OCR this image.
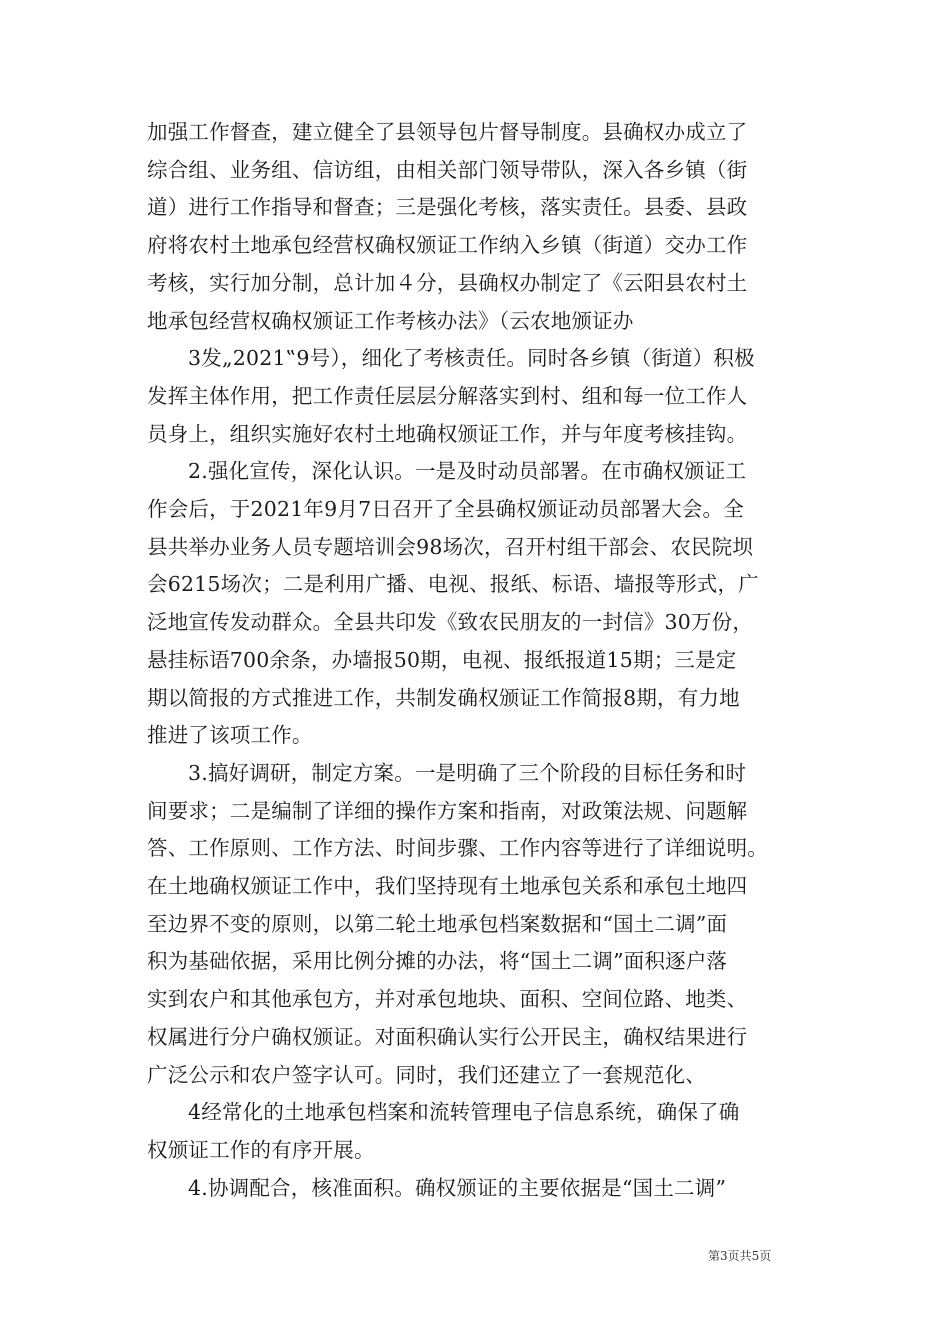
加强工作督查，建立健全了县领导包片督导制度。县确权办成立了
综合组、业务组、信访组，由相关部门领导带队，深入各乡镇（街
道）进行工作指导和督查；三是强化考核，落实责任。县委、县政
府将农村土地承包经营权确权颁证工作纳入乡镇（街道）交办工作
考核，实行加分制，总计加４分，县确权办制定了《云阳县农村土
地承包经营权确权颁证工作考核办法》（云农地颁证办
3发„2021‟9号），细化了考核责任。同时各乡镇（街道）积极
发挥主体作用，把工作责任层层分解落实到村、组和每一位工作人
员身上，组织实施好农村土地确权颁证工作，并与年度考核挂钩。
2.强化宣传，深化认识。一是及时动员部署。在市确权颁证工
作会后，于2021年9月7日召开了全县确权颁证动员部署大会。全
县共举办业务人员专题培训会98场次，召开村组干部会、农民院坝
会6215场次；二是利用广播、电视、报纸、标语、墙报等形式，广
泛地宣传发动群众。全县共印发《致农民朋友的一封信》30万份，
悬挂标语700余条，办墙报50期，电视、报纸报道15期；三是定
期以简报的方式推进工作，共制发确权颁证工作简报8期，有力地
推进了该项工作。
3.搞好调研，制定方案。一是明确了三个阶段的目标任务和时
间要求；二是编制了详细的操作方案和指南，对政策法规、问题解
答、工作原则、工作方法、时间步骤、工作内容等进行了详细说明。
在土地确权颁证工作中，我们坚持现有土地承包关系和承包土地四
至边界不变的原则，以第二轮土地承包档案数据和“国土二调”面
积为基础依据，采用比例分摊的办法，将“国土二调”面积逐户落
实到农户和其他承包方，并对承包地块、面积、空间位路、地类、
权属进行分户确权颁证。对面积确认实行公开民主，确权结果进行
广泛公示和农户签字认可。同时，我们还建立了一套规范化、
4经常化的土地承包档案和流转管理电子信息系统，确保了确
权颁证工作的有序开展。
4.协调配合，核准面积。确权颁证的主要依据是“国土二调”
第3页共5页
